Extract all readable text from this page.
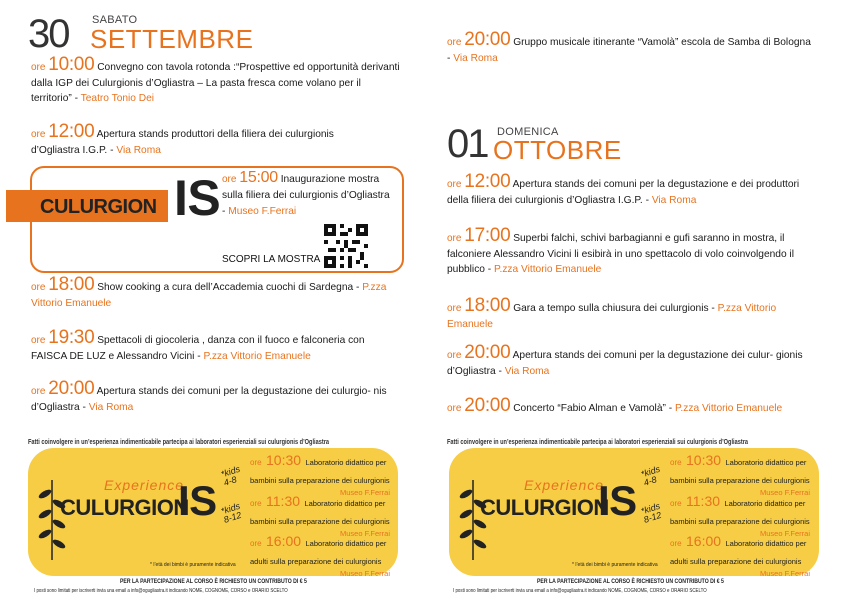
30 SABATO
SETTEMBRE
ore 10:00 Convegno con tavola rotonda :“Prospettive ed opportunità derivanti dalla IGP dei Culurgionis d’Ogliastra – La pasta fresca come volano per il territorio” - Teatro Tonio Dei
ore 12:00 Apertura stands produttori della filiera dei culurgionis d’Ogliastra I.G.P. - Via Roma
CULURGION IS ore 15:00 Inaugurazione mostra sulla filiera dei culurgionis d’Ogliastra - Museo F.Ferrai
SCOPRI LA MOSTRA
ore 18:00 Show cooking a cura dell’Accademia cuochi di Sardegna - P.zza Vittorio Emanuele
ore 19:30 Spettacoli di giocoleria , danza con il fuoco e falconeria con FAISCA DE LUZ e Alessandro Vicini - P.zza Vittorio Emanuele
ore 20:00 Apertura stands dei comuni per la degustazione dei culurgio- nis d’Ogliastra - Via Roma
Fatti coinvolgere in un’esperienza indimenticabile partecipa ai laboratori esperienziali sui culurgionis d’Ogliastra
Experience
CULURGION
IS
*kids 4-8
*kids 8-12
ore 10:30 Laboratorio didattico per bambini sulla preparazione dei culurgionis
Museo F.Ferrai
ore 11:30 Laboratorio didattico per bambini sulla preparazione dei culurgionis
Museo F.Ferrai
ore 16:00 Laboratorio didattico per adulti sulla preparazione dei culurgionis
Museo F.Ferrai
* l’età dei bimbi è puramente indicativa
PER LA PARTECIPAZIONE AL CORSO È RICHIESTO UN CONTRIBUTO DI € 5
I posti sono limitati per iscriverti invia una email a info@ogugliastra.it indicando NOME, COGNOME, CORSO e ORARIO SCELTO
ore 20:00 Gruppo musicale itinerante “Vamolà” escola de Samba di Bologna - Via Roma
01 DOMENICA
OTTOBRE
ore 12:00 Apertura stands dei comuni per la degustazione e dei produttori della filiera dei culurgionis d’Ogliastra I.G.P. - Via Roma
ore 17:00 Superbi falchi, schivi barbagianni e gufi saranno in mostra, il falconiere Alessandro Vicini li esibirà in uno spettacolo di volo coinvolgendo il pubblico - P.zza Vittorio Emanuele
ore 18:00 Gara a tempo sulla chiusura dei culurgionis - P.zza Vittorio Emanuele
ore 20:00 Apertura stands dei comuni per la degustazione dei culur- gionis d’Ogliastra - Via Roma
ore 20:00 Concerto “Fabio Alman e Vamolà” - P.zza Vittorio Emanuele
Fatti coinvolgere in un’esperienza indimenticabile partecipa ai laboratori esperienziali sui culurgionis d’Ogliastra
Experience
CULURGION
IS
*kids 4-8
*kids 8-12
ore 10:30 Laboratorio didattico per bambini sulla preparazione dei culurgionis
Museo F.Ferrai
ore 11:30 Laboratorio didattico per bambini sulla preparazione dei culurgionis
Museo F.Ferrai
ore 16:00 Laboratorio didattico per adulti sulla preparazione dei culurgionis
Museo F.Ferrai
* l’età dei bimbi è puramente indicativa
PER LA PARTECIPAZIONE AL CORSO È RICHIESTO UN CONTRIBUTO DI € 5
I posti sono limitati per iscriverti invia una email a info@ogugliastra.it indicando NOME, COGNOME, CORSO e ORARIO SCELTO
